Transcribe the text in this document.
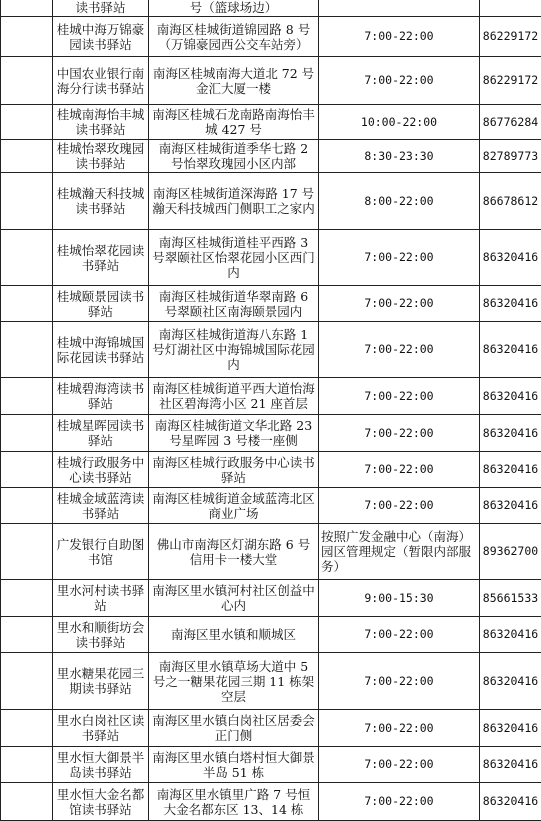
	读书驿站	号（篮球场边）		
	桂城中海万锦豪园读书驿站	南海区桂城街道锦园路 8 号（万锦豪园西公交车站旁）	7:00-22:00	86229172
	中国农业银行南海分行读书驿站	南海区桂城南海大道北 72 号金汇大厦一楼	7:00-22:00	86229172
	桂城南海怡丰城读书驿站	南海区桂城石龙南路南海怡丰城 427 号	10:00-22:00	86776284
	桂城怡翠玫瑰园读书驿站	南海区桂城街道季华七路 2 号怡翠玫瑰园小区内部	8:30-23:30	82789773
	桂城瀚天科技城读书驿站	南海区桂城街道深海路 17 号瀚天科技城西门侧职工之家内	8:00-22:00	86678612
	桂城怡翠花园读书驿站	南海区桂城街道桂平西路 3 号翠颐社区怡翠花园小区西门内	7:00-22:00	86320416
	桂城颐景园读书驿站	南海区桂城街道华翠南路 6 号翠颐社区南海颐景园内	7:00-22:00	86320416
	桂城中海锦城国际花园读书驿站	南海区桂城街道海八东路 1 号灯湖社区中海锦城国际花园内	7:00-22:00	86320416
	桂城碧海湾读书驿站	南海区桂城街道平西大道怡海社区碧海湾小区 21 座首层	7:00-22:00	86320416
	桂城星晖园读书驿站	南海区桂城街道文华北路 23 号星晖园 3 号楼一座侧	7:00-22:00	86320416
	桂城行政服务中心读书驿站	南海区桂城行政服务中心读书驿站	7:00-22:00	86320416
	桂城金域蓝湾读书驿站	南海区桂城街道金域蓝湾北区商业广场	7:00-22:00	86320416
	广发银行自助图书馆	佛山市南海区灯湖东路 6 号信用卡一楼大堂	按照广发金融中心（南海）园区管理规定（暂限内部服务）	89362700
	里水河村读书驿站	南海区里水镇河村社区创益中心内	9:00-15:30	85661533
	里水和顺街坊会读书驿站	南海区里水镇和顺城区	7:00-22:00	86320416
	里水糖果花园三期读书驿站	南海区里水镇草场大道中 5 号之一糖果花园三期 11 栋架空层	7:00-22:00	86320416
	里水白岗社区读书驿站	南海区里水镇白岗社区居委会正门侧	7:00-22:00	86320416
	里水恒大御景半岛读书驿站	南海区里水镇白塔村恒大御景半岛 51 栋	7:00-22:00	86320416
	里水恒大金名都馆读书驿站	南海区里水镇里广路 7 号恒大金名都东区 13、14 栋	7:00-22:00	86320416
